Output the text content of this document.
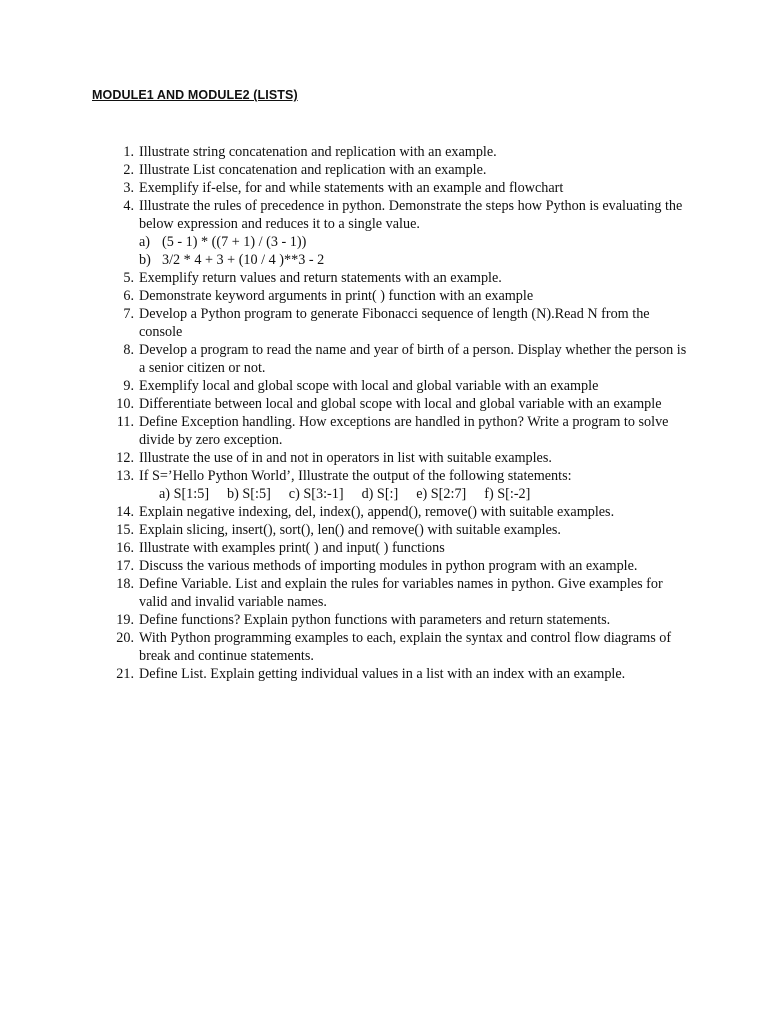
MODULE1 AND MODULE2 (LISTS)
1. Illustrate string concatenation and replication with an example.
2. Illustrate List concatenation and replication with an example.
3. Exemplify if-else, for and while statements with an example and flowchart
4. Illustrate the rules of precedence in python. Demonstrate the steps how Python is evaluating the below expression and reduces it to a single value.
a) (5 - 1) * ((7 + 1) / (3 - 1))
b) 3/2 * 4 + 3 + (10 / 4 )**3 - 2
5. Exemplify return values and return statements with an example.
6. Demonstrate keyword arguments in print( ) function with an example
7. Develop a Python program to generate Fibonacci sequence of length (N).Read N from the console
8. Develop a program to read the name and year of birth of a person. Display whether the person is a senior citizen or not.
9. Exemplify local and global scope with local and global variable with an example
10. Differentiate between local and global scope with local and global variable with an example
11. Define Exception handling. How exceptions are handled in python? Write a program to solve divide by zero exception.
12. Illustrate the use of in and not in operators in list with suitable examples.
13. If S=’Hello Python World’, Illustrate the output of the following statements:
a) S[1:5] b) S[:5] c) S[3:-1] d) S[:] e) S[2:7] f) S[:-2]
14. Explain negative indexing, del, index(), append(), remove() with suitable examples.
15. Explain slicing, insert(), sort(), len() and remove() with suitable examples.
16. Illustrate with examples print( ) and input( ) functions
17. Discuss the various methods of importing modules in python program with an example.
18. Define Variable. List and explain the rules for variables names in python. Give examples for valid and invalid variable names.
19. Define functions? Explain python functions with parameters and return statements.
20. With Python programming examples to each, explain the syntax and control flow diagrams of break and continue statements.
21. Define List. Explain getting individual values in a list with an index with an example.
